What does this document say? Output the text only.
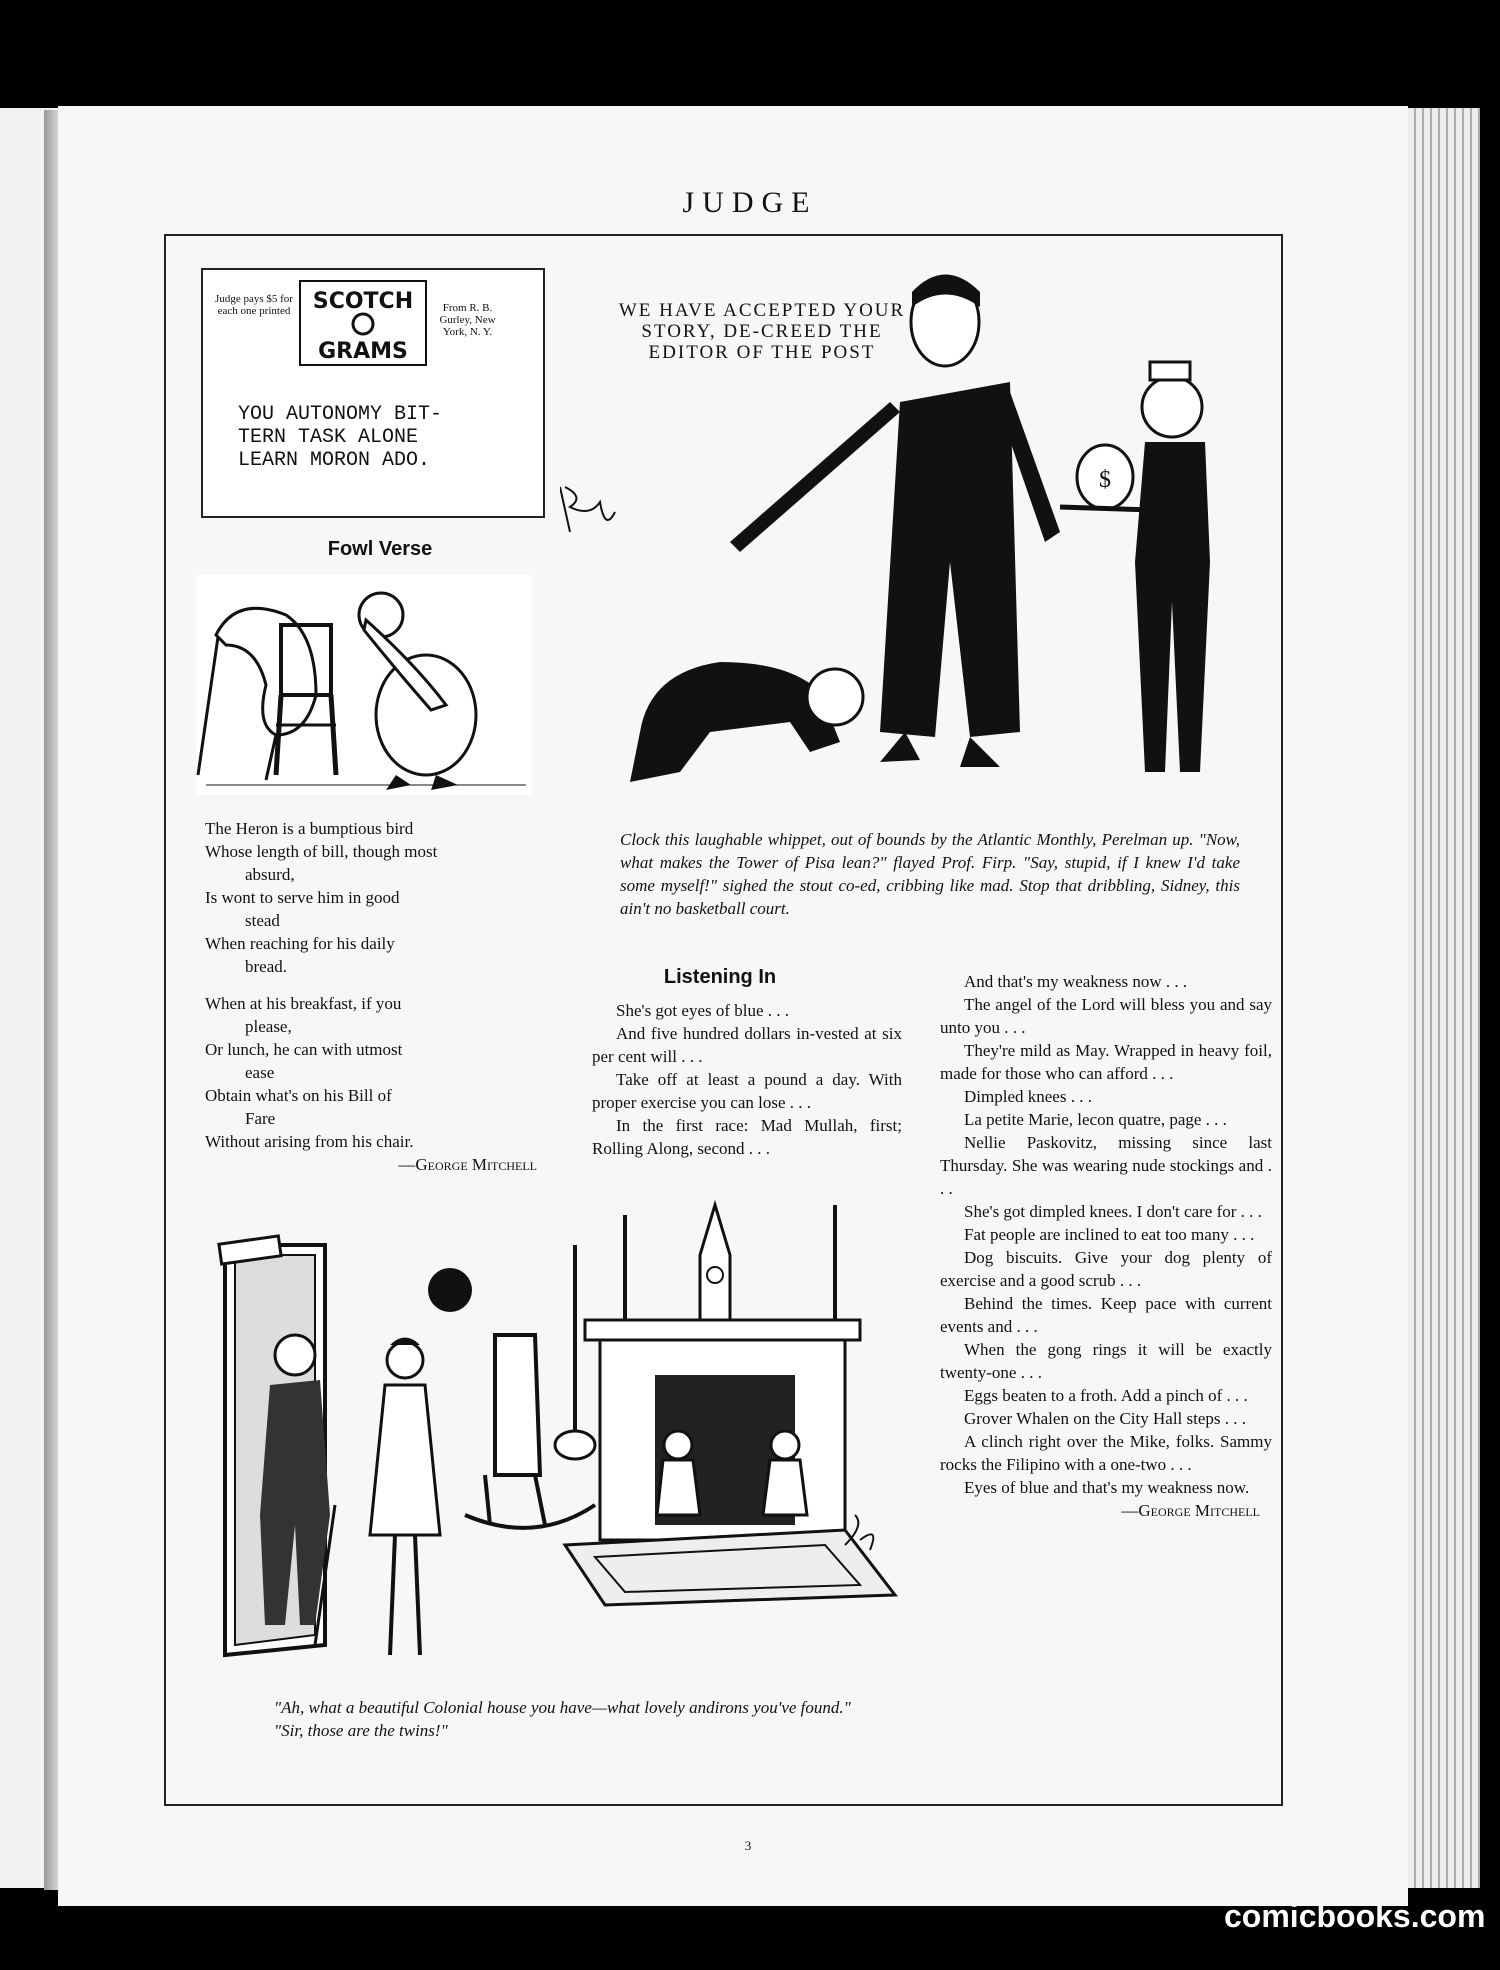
JUDGE
Judge pays $5 for each one printed	From R. B. Gurley, New York, N. Y.
SCOTCH
GRAMS
YOU AUTONOMY BIT-
TERN TASK ALONE
LEARN MORON ADO.
Fowl Verse
The Heron is a bumptious bird
Whose length of bill, though most
absurd,
Is wont to serve him in good
stead
When reaching for his daily
bread.
When at his breakfast, if you
please,
Or lunch, he can with utmost
ease
Obtain what's on his Bill of
Fare
Without arising from his chair.
—George Mitchell
WE HAVE ACCEPTED YOUR STORY, DE-CREED THE EDITOR OF THE POST
$
Clock this laughable whippet, out of bounds by the Atlantic Monthly, Perelman up. "Now, what makes the Tower of Pisa lean?" flayed Prof. Firp. "Say, stupid, if I knew I'd take some myself!" sighed the stout co-ed, cribbing like mad. Stop that dribbling, Sidney, this ain't no basketball court.
Listening In
She's got eyes of blue . . .
And five hundred dollars in-vested at six per cent will . . .
Take off at least a pound a day. With proper exercise you can lose . . .
In the first race: Mad Mullah, first; Rolling Along, second . . .
And that's my weakness now . . .
The angel of the Lord will bless you and say unto you . . .
They're mild as May. Wrapped in heavy foil, made for those who can afford . . .
Dimpled knees . . .
La petite Marie, lecon quatre, page . . .
Nellie Paskovitz, missing since last Thursday. She was wearing nude stockings and . . .
She's got dimpled knees. I don't care for . . .
Fat people are inclined to eat too many . . .
Dog biscuits. Give your dog plenty of exercise and a good scrub . . .
Behind the times. Keep pace with current events and . . .
When the gong rings it will be exactly twenty-one . . .
Eggs beaten to a froth. Add a pinch of . . .
Grover Whalen on the City Hall steps . . .
A clinch right over the Mike, folks. Sammy rocks the Filipino with a one-two . . .
Eyes of blue and that's my weakness now.
—George Mitchell
"Ah, what a beautiful Colonial house you have—what lovely andirons you've found."
"Sir, those are the twins!"
3
comicbooks.com
